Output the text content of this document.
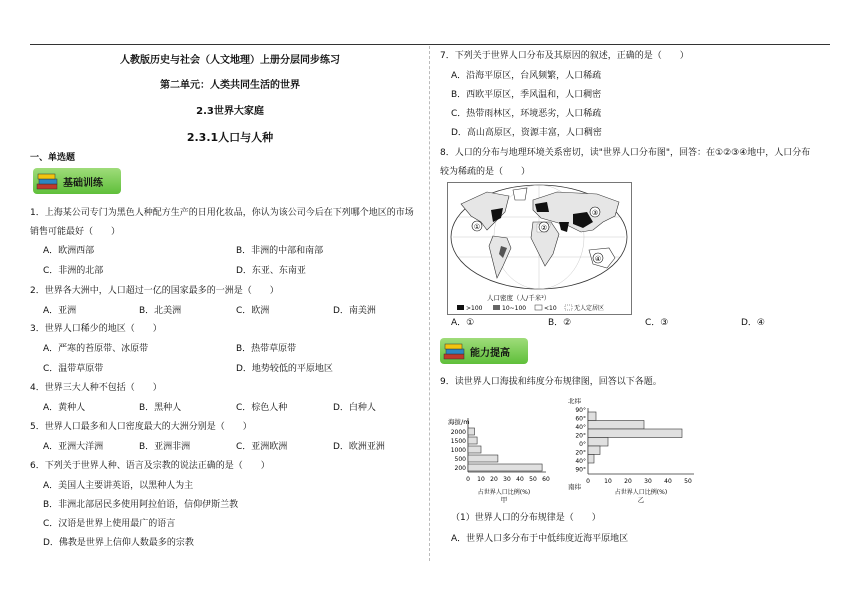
人教版历史与社会（人文地理）上册分层同步练习
第二单元：人类共同生活的世界
2.3世界大家庭
2.3.1人口与人种
一、单选题
基础训练
1．上海某公司专门为黑色人种配方生产的日用化妆品，你认为该公司今后在下列哪个地区的市场
销售可能最好（　　）
A．欧洲西部	B．非洲的中部和南部
C．非洲的北部	D．东亚、东南亚
2．世界各大洲中，人口超过一亿的国家最多的一洲是（　　）
A．亚洲	B．北美洲	C．欧洲	D．南美洲
3．世界人口稀少的地区（　　）
A．严寒的苔原带、冰原带	B．热带草原带
C．温带草原带	D．地势较低的平原地区
4．世界三大人种不包括（　　）
A．黄种人	B．黑种人	C．棕色人种	D．白种人
5．世界人口最多和人口密度最大的大洲分别是（　　）
A．亚洲大洋洲	B．亚洲非洲	C．亚洲欧洲	D．欧洲亚洲
6．下列关于世界人种、语言及宗教的说法正确的是（　　）
A．美国人主要讲英语，以黑种人为主
B．非洲北部居民多使用阿拉伯语，信仰伊斯兰教
C．汉语是世界上使用最广的语言
D．佛教是世界上信仰人数最多的宗教
7．下列关于世界人口分布及其原因的叙述，正确的是（　　）
A．沿海平原区，台风频繁，人口稀疏
B．西欧平原区，季风温和，人口稠密
C．热带雨林区，环境恶劣，人口稀疏
D．高山高原区，资源丰富，人口稠密
8．人口的分布与地理环境关系密切，读"世界人口分布图"，回答：在①②③④地中，人口分布
较为稀疏的是（　　）
①	②
③
④
人口密度（人/千米²）
>100	10~100	<10	无人定居区
A．①	B．②	C．③	D．④
能力提高
9．读世界人口海拔和纬度分布规律图，回答以下各题。
海拔/m
2000
1500
1000
500
200
0 10 20 30 40 50 60
占世界人口比例(%)
甲
北纬
南纬
90°
60°
40°
20°
0°
20°
40°
90°
0 10 20 30 40 50
占世界人口比例(%)
乙
（1）世界人口的分布规律是（　　）
A．世界人口多分布于中低纬度近海平原地区
